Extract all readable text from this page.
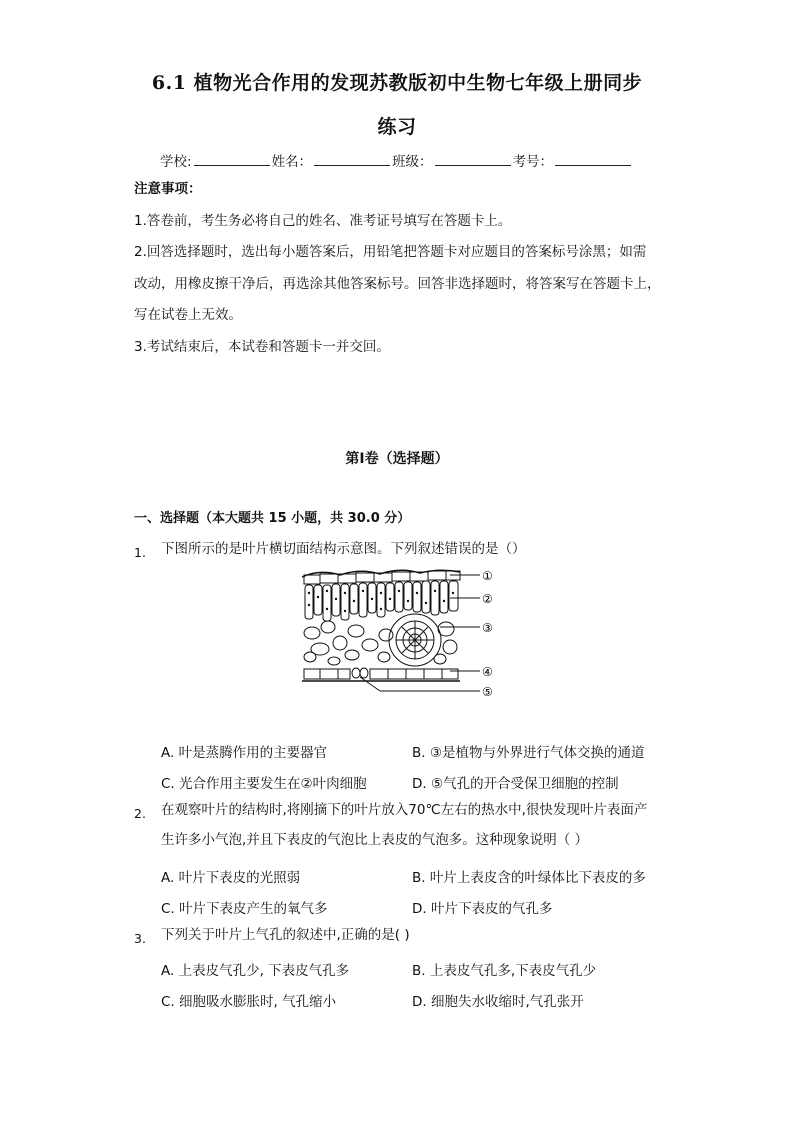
6.1 植物光合作用的发现苏教版初中生物七年级上册同步
练习
学校:	姓名：	班级：	考号：
注意事项：
1.答卷前，考生务必将自己的姓名、准考证号填写在答题卡上。
2.回答选择题时，选出每小题答案后，用铅笔把答题卡对应题目的答案标号涂黑；如需
改动，用橡皮擦干净后，再选涂其他答案标号。回答非选择题时，将答案写在答题卡上，
写在试卷上无效。
3.考试结束后，本试卷和答题卡一并交回。
第I卷（选择题）
一、选择题（本大题共 15 小题，共 30.0 分）
1. 下图所示的是叶片横切面结构示意图。下列叙述错误的是（）
①
②
③
④
⑤
A. 叶是蒸腾作用的主要器官	B. ③是植物与外界进行气体交换的通道
C. 光合作用主要发生在②叶肉细胞	D. ⑤气孔的开合受保卫细胞的控制
2. 在观察叶片的结构时,将刚摘下的叶片放入70℃左右的热水中,很快发现叶片表面产
生许多小气泡,并且下表皮的气泡比上表皮的气泡多。这种现象说明（ ）
A. 叶片下表皮的光照弱	B. 叶片上表皮含的叶绿体比下表皮的多
C. 叶片下表皮产生的氧气多	D. 叶片下表皮的气孔多
3. 下列关于叶片上气孔的叙述中,正确的是( )
A. 上表皮气孔少, 下表皮气孔多	B. 上表皮气孔多,下表皮气孔少
C. 细胞吸水膨胀时, 气孔缩小	D. 细胞失水收缩时,气孔张开
